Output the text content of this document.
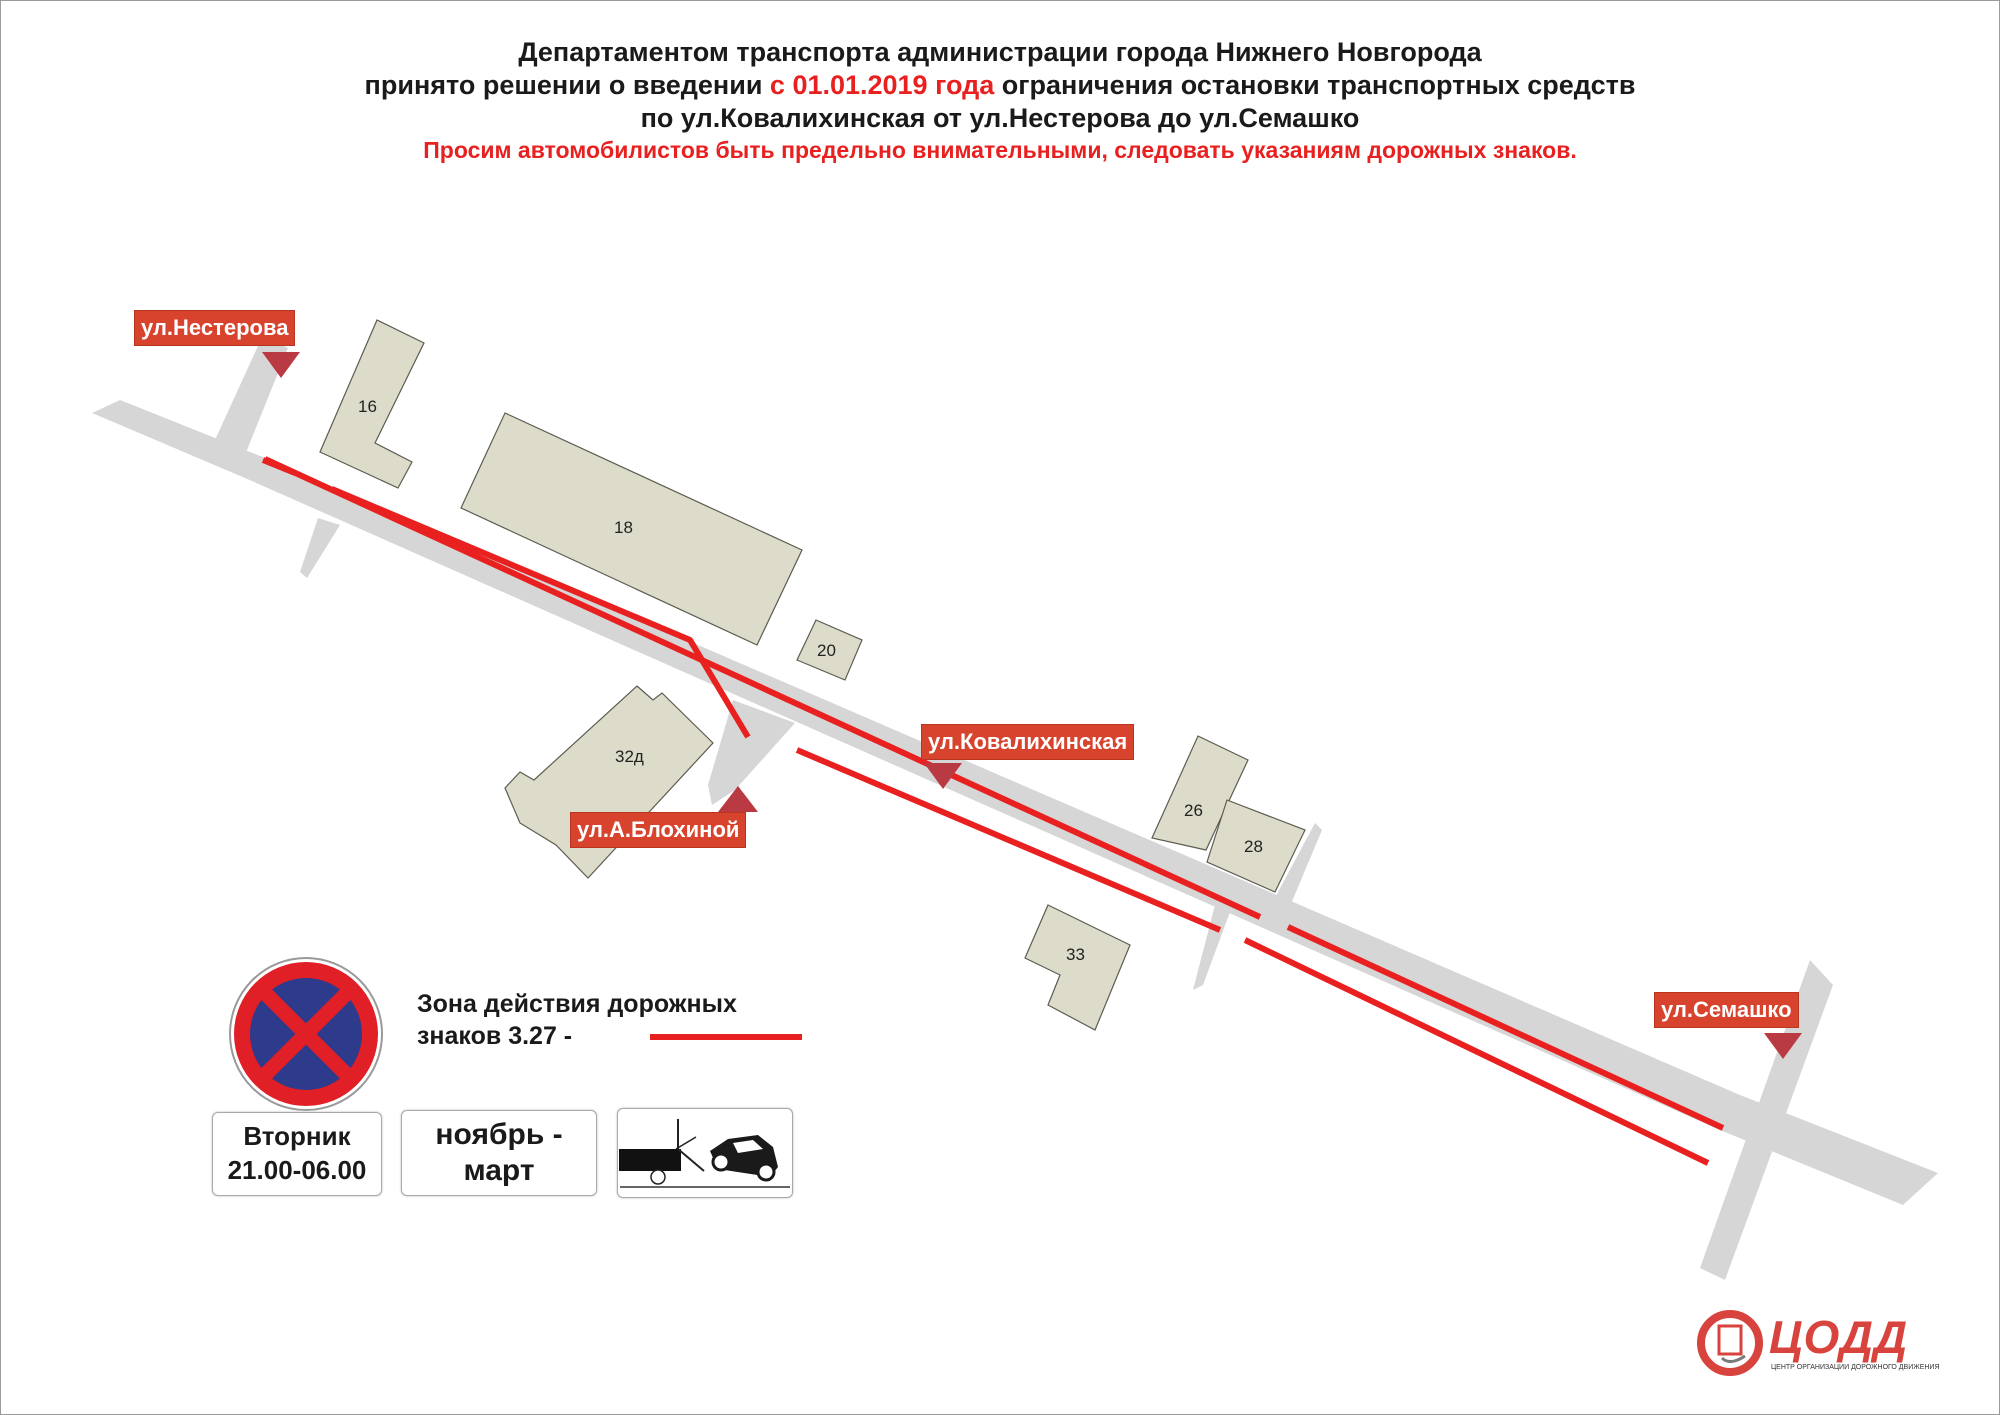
16
18
20
32д
26
28
33
Департаментом транспорта администрации города Нижнего Новгорода
принято решении о введении с 01.01.2019 года ограничения остановки транспортных средств
по ул.Ковалихинская от ул.Нестерова до ул.Семашко
Просим автомобилистов быть предельно внимательными, следовать указаниям дорожных знаков.
ул.Нестерова
ул.Ковалихинская
ул.А.Блохиной
ул.Семашко
Зона действия дорожных
знаков 3.27 -
Вторник
21.00-06.00
ноябрь -
март
ЦОДД
ЦЕНТР ОРГАНИЗАЦИИ ДОРОЖНОГО ДВИЖЕНИЯ
